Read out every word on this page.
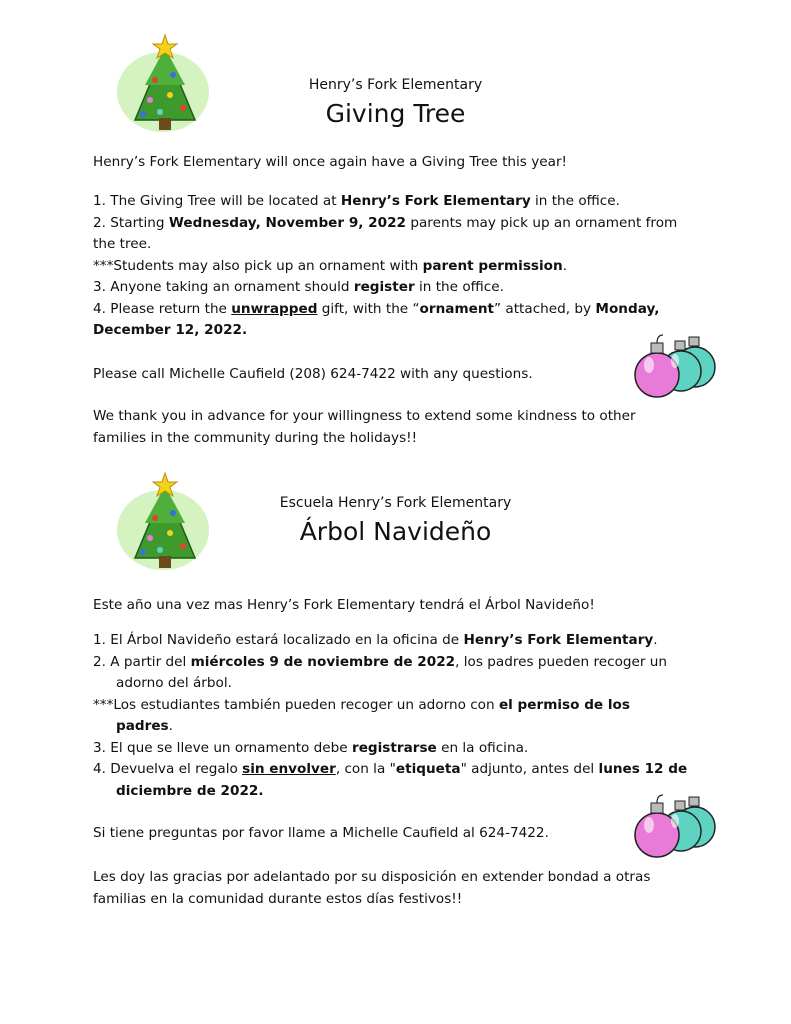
Henry’s Fork Elementary
Giving Tree
Henry’s Fork Elementary will once again have a Giving Tree this year!
1. The Giving Tree will be located at Henry’s Fork Elementary in the office.
2. Starting Wednesday, November 9, 2022 parents may pick up an ornament from
the tree.
***Students may also pick up an ornament with parent permission.
3. Anyone taking an ornament should register in the office.
4. Please return the unwrapped gift, with the “ornament” attached, by Monday,
December 12, 2022.
Please call Michelle Caufield (208) 624-7422 with any questions.
We thank you in advance for your willingness to extend some kindness to other
families in the community during the holidays!!
Escuela Henry’s Fork Elementary
Árbol Navideño
Este año una vez mas Henry’s Fork Elementary tendrá el Árbol Navideño!
1. El Árbol Navideño estará localizado en la oficina de Henry’s Fork Elementary.
2. A partir del miércoles 9 de noviembre de 2022, los padres pueden recoger un
adorno del árbol.
***Los estudiantes también pueden recoger un adorno con el permiso de los
padres.
3. El que se lleve un ornamento debe registrarse en la oficina.
4. Devuelva el regalo sin envolver, con la "etiqueta" adjunto, antes del lunes 12 de
diciembre de 2022.
Si tiene preguntas por favor llame a Michelle Caufield al 624-7422.
Les doy las gracias por adelantado por su disposición en extender bondad a otras
familias en la comunidad durante estos días festivos!!
